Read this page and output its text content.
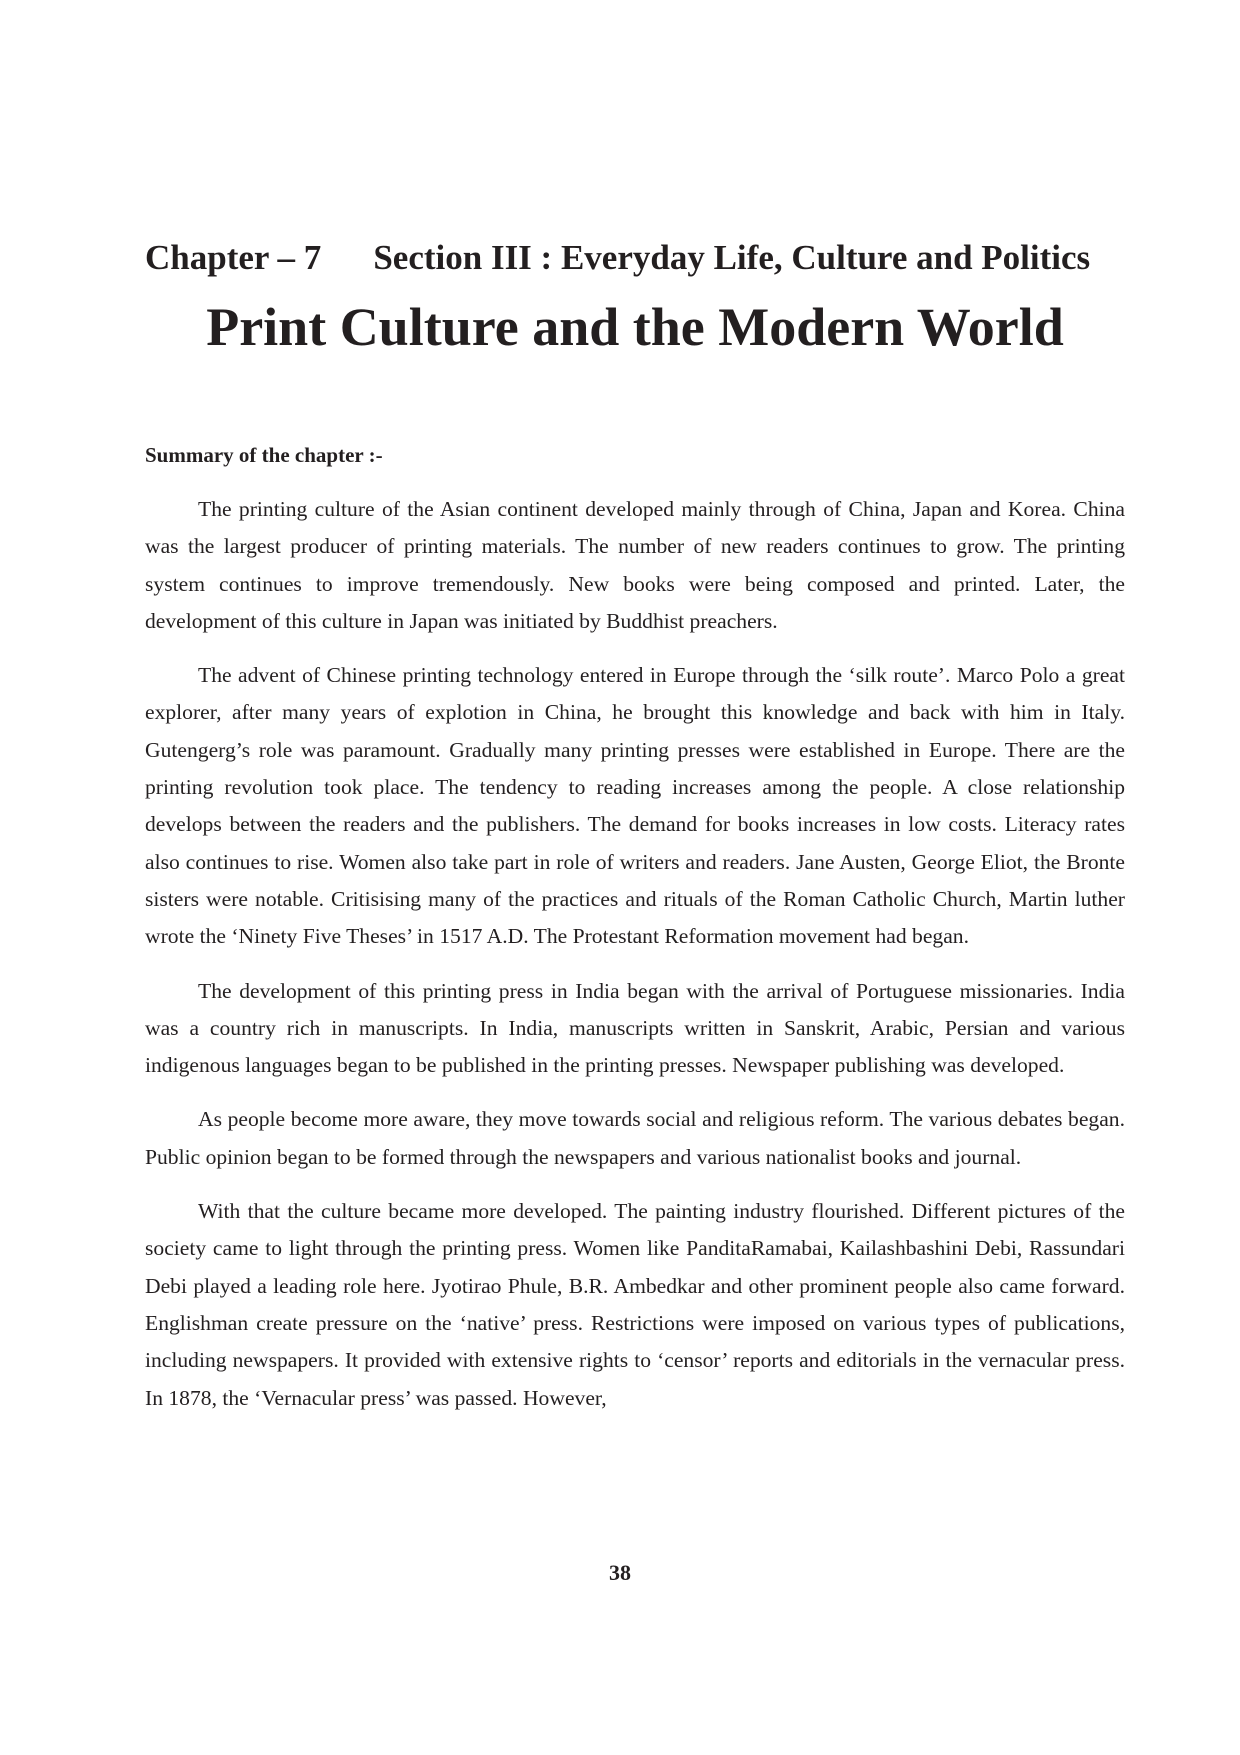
Chapter – 7 Section III : Everyday Life, Culture and Politics
Print Culture and the Modern World
Summary of the chapter :-

The printing culture of the Asian continent developed mainly through of China, Japan and Korea. China was the largest producer of printing materials. The number of new readers continues to grow. The printing system continues to improve tremendously. New books were being composed and printed. Later, the development of this culture in Japan was initiated by Buddhist preachers.

The advent of Chinese printing technology entered in Europe through the ‘silk route’. Marco Polo a great explorer, after many years of explotion in China, he brought this knowledge and back with him in Italy. Gutengerg’s role was paramount. Gradually many printing presses were established in Europe. There are the printing revolution took place. The tendency to reading increases among the people. A close relationship develops between the readers and the publishers. The demand for books increases in low costs. Literacy rates also continues to rise. Women also take part in role of writers and readers. Jane Austen, George Eliot, the Bronte sisters were notable. Critisising many of the practices and rituals of the Roman Catholic Church, Martin luther wrote the ‘Ninety Five Theses’ in 1517 A.D. The Protestant Reformation movement had began.

The development of this printing press in India began with the arrival of Portuguese missionaries. India was a country rich in manuscripts. In India, manuscripts written in Sanskrit, Arabic, Persian and various indigenous languages began to be published in the printing presses. Newspaper publishing was developed.

As people become more aware, they move towards social and religious reform. The various debates began. Public opinion began to be formed through the newspapers and various nationalist books and journal.

With that the culture became more developed. The painting industry flourished. Different pictures of the society came to light through the printing press. Women like PanditaRamabai, Kailashbashini Debi, Rassundari Debi played a leading role here. Jyotirao Phule, B.R. Ambedkar and other prominent people also came forward. Englishman create pressure on the ‘native’ press. Restrictions were imposed on various types of publications, including newspapers. It provided with extensive rights to ‘censor’ reports and editorials in the vernacular press. In 1878, the ‘Vernacular press’ was passed. However,

38
